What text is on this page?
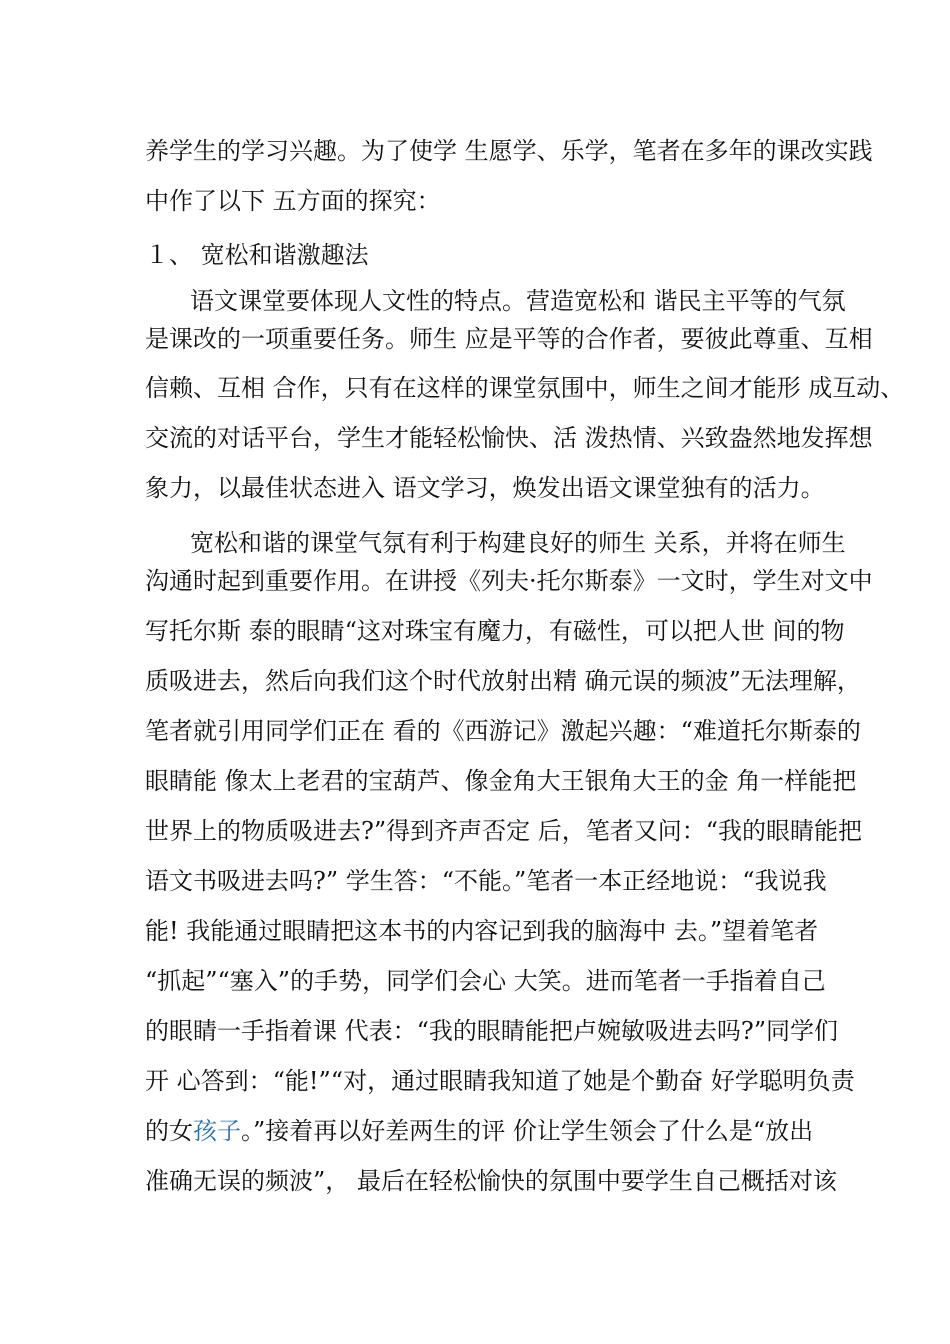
养学生的学习兴趣。为了使学 生愿学、乐学，笔者在多年的课改实践
中作了以下 五方面的探究：
１、 宽松和谐激趣法
语文课堂要体现人文性的特点。营造宽松和 谐民主平等的气氛
是课改的一项重要任务。师生 应是平等的合作者，要彼此尊重、互相
信赖、互相 合作，只有在这样的课堂氛围中，师生之间才能形 成互动、
交流的对话平台，学生才能轻松愉快、活 泼热情、兴致盎然地发挥想
象力，以最佳状态进入 语文学习，焕发出语文课堂独有的活力。
宽松和谐的课堂气氛有利于构建良好的师生 关系，并将在师生
沟通时起到重要作用。在讲授《列夫·托尔斯泰》一文时，学生对文中
写托尔斯 泰的眼睛“这对珠宝有魔力，有磁性，可以把人世 间的物
质吸进去，然后向我们这个时代放射出精 确元误的频波”无法理解，
笔者就引用同学们正在 看的《西游记》激起兴趣：“难道托尔斯泰的
眼睛能 像太上老君的宝葫芦、像金角大王银角大王的金 角一样能把
世界上的物质吸进去?”得到齐声否定 后，笔者又问：“我的眼睛能把
语文书吸进去吗?” 学生答：“不能。”笔者一本正经地说：“我说我
能! 我能通过眼睛把这本书的内容记到我的脑海中 去。”望着笔者
“抓起”“塞入”的手势，同学们会心 大笑。进而笔者一手指着自己
的眼睛一手指着课 代表：“我的眼睛能把卢婉敏吸进去吗?”同学们
开 心答到：“能!”“对，通过眼睛我知道了她是个勤奋 好学聪明负责
的女孩子。”接着再以好差两生的评 价让学生领会了什么是“放出
准确无误的频波”， 最后在轻松愉快的氛围中要学生自己概括对该
